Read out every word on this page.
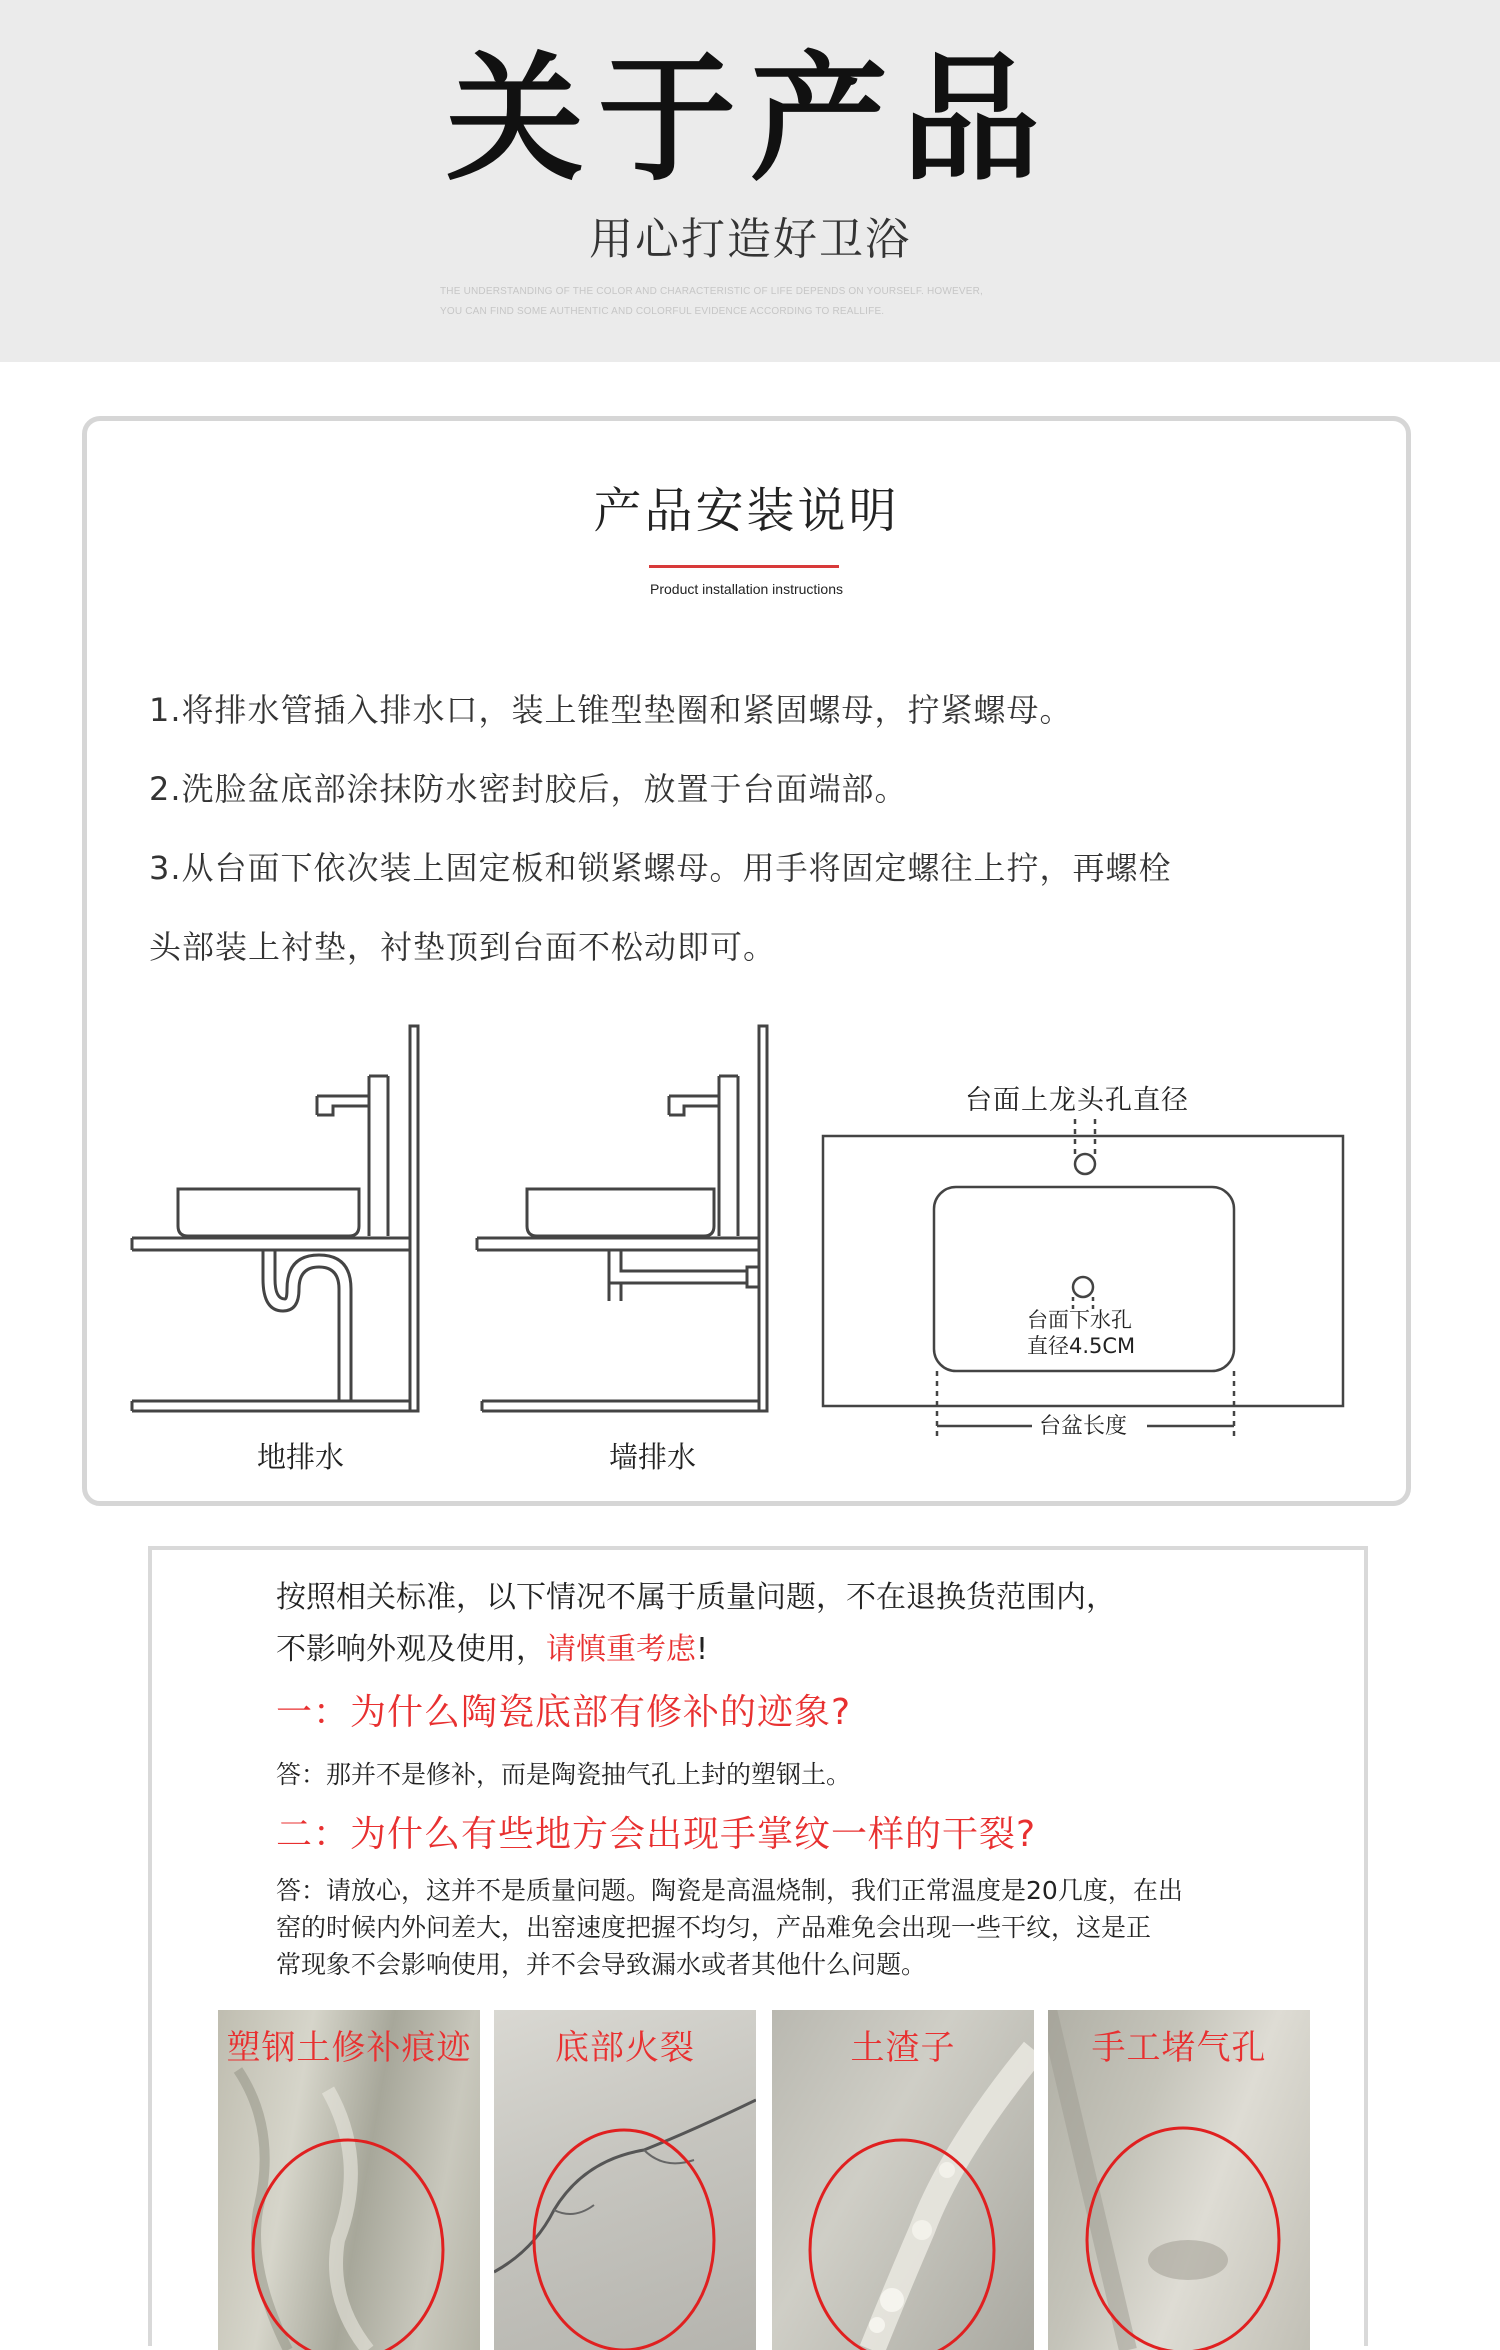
关于产品
用心打造好卫浴
THE UNDERSTANDING OF THE COLOR AND CHARACTERISTIC OF LIFE DEPENDS ON YOURSELF. HOWEVER,
YOU CAN FIND SOME AUTHENTIC AND COLORFUL EVIDENCE ACCORDING TO REALLIFE.
产品安装说明
Product installation instructions
1.将排水管插入排水口，装上锥型垫圈和紧固螺母，拧紧螺母。
2.洗脸盆底部涂抹防水密封胶后，放置于台面端部。
3.从台面下依次装上固定板和锁紧螺母。用手将固定螺往上拧，再螺栓
头部装上衬垫，衬垫顶到台面不松动即可。
地排水	墙排水
台面上龙头孔直径
台面下水孔
直径4.5CM
台盆长度
按照相关标准，以下情况不属于质量问题，不在退换货范围内，
不影响外观及使用，请慎重考虑!
一：为什么陶瓷底部有修补的迹象?
答：那并不是修补，而是陶瓷抽气孔上封的塑钢土。
二：为什么有些地方会出现手掌纹一样的干裂?
答：请放心，这并不是质量问题。陶瓷是高温烧制，我们正常温度是20几度，在出
窑的时候内外问差大，出窑速度把握不均匀，产品难免会出现一些干纹，这是正
常现象不会影响使用，并不会导致漏水或者其他什么问题。
塑钢土修补痕迹	底部火裂	土渣子	手工堵气孔
